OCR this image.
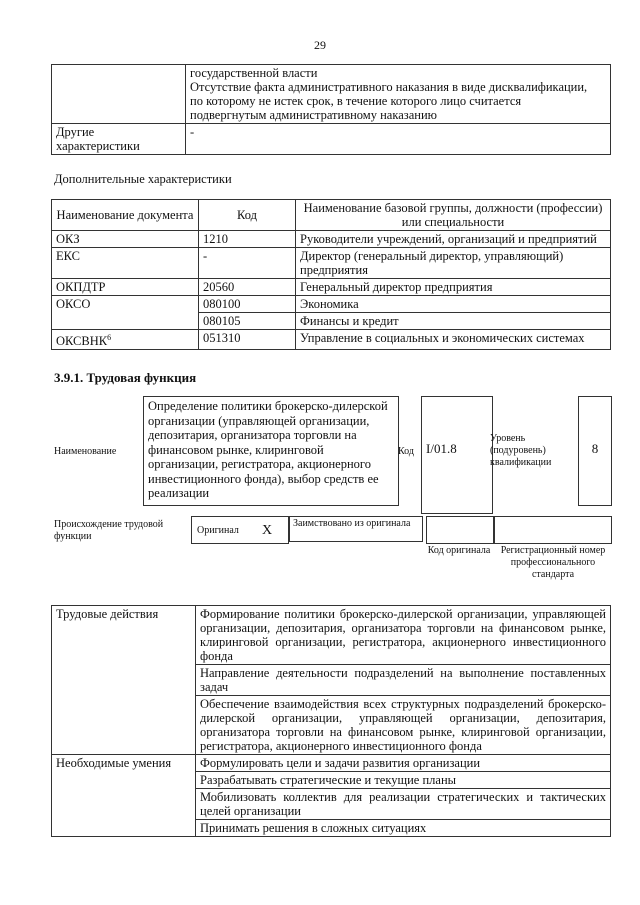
29

	государственной власти
Отсутствие факта административного наказания в виде дисквалификации,
по которому не истек срок, в течение которого лицо считается
подвергнутым административному наказанию

Другие
характеристики	-
Дополнительные характеристики
Наименование документа	Код	Наименование базовой группы, должности (профессии) или специальности
ОКЗ	1210	Руководители учреждений, организаций и предприятий
ЕКС	-	Директор (генеральный директор, управляющий) предприятия
ОКПДТР	20560	Генеральный директор предприятия
ОКСО	080100	Экономика
	080105	Финансы и кредит
ОКСВНК$^6$	051310	Управление в социальных и экономических системах
3.9.1. Трудовая функция
Наименование
Определение политики брокерско-дилерской организации (управляющей организации, депозитария, организатора торговли на финансовом рынке, клиринговой организации, регистратора, акционерного инвестиционного фонда), выбор средств ее реализации
Код I/01.8
Уровень (подуровень) квалификации
8
Происхождение трудовой функции
Оригинал X	Заимствовано из оригинала
Код оригинала Регистрационный номер профессионального стандарта
Трудовые действия	Формирование политики брокерско-дилерской организации, управляющей организации, депозитария, организатора торговли на финансовом рынке, клиринговой организации, регистратора, акционерного инвестиционного фонда
	Направление деятельности подразделений на выполнение поставленных задач
	Обеспечение взаимодействия всех структурных подразделений брокерско-дилерской организации, управляющей организации, депозитария, организатора торговли на финансовом рынке, клиринговой организации, регистратора, акционерного инвестиционного фонда
Необходимые умения	Формулировать цели и задачи развития организации
	Разрабатывать стратегические и текущие планы
	Мобилизовать коллектив для реализации стратегических и тактических целей организации
	Принимать решения в сложных ситуациях
